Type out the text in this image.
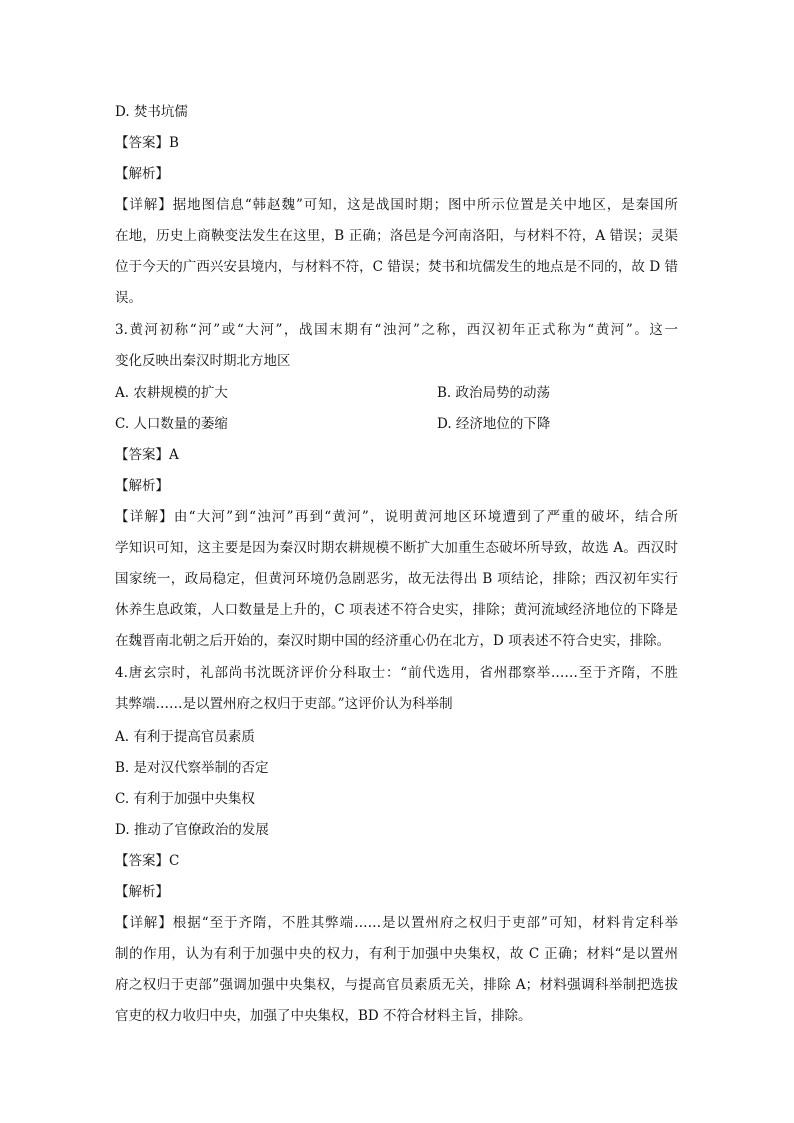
D. 焚书坑儒
【答案】B
【解析】
【详解】据地图信息“韩赵魏”可知，这是战国时期；图中所示位置是关中地区，是秦国所
在地，历史上商鞅变法发生在这里，B 正确；洛邑是今河南洛阳，与材料不符，A 错误；灵渠
位于今天的广西兴安县境内，与材料不符，C 错误；焚书和坑儒发生的地点是不同的，故 D 错
误。
3.黄河初称“河”或“大河”，战国末期有“浊河”之称，西汉初年正式称为“黄河”。这一
变化反映出秦汉时期北方地区
A. 农耕规模的扩大	B. 政治局势的动荡
C. 人口数量的萎缩	D. 经济地位的下降
【答案】A
【解析】
【详解】由“大河”到“浊河”再到“黄河”，说明黄河地区环境遭到了严重的破坏，结合所
学知识可知，这主要是因为秦汉时期农耕规模不断扩大加重生态破坏所导致，故选 A。西汉时
国家统一，政局稳定，但黄河环境仍急剧恶劣，故无法得出 B 项结论，排除；西汉初年实行
休养生息政策，人口数量是上升的，C 项表述不符合史实，排除；黄河流域经济地位的下降是
在魏晋南北朝之后开始的，秦汉时期中国的经济重心仍在北方，D 项表述不符合史实，排除。
4.唐玄宗时，礼部尚书沈既济评价分科取士：“前代选用，省州郡察举……至于齐隋，不胜
其弊端……是以置州府之权归于吏部。”这评价认为科举制
A. 有利于提高官员素质
B. 是对汉代察举制的否定
C. 有利于加强中央集权
D. 推动了官僚政治的发展
【答案】C
【解析】
【详解】根据“至于齐隋，不胜其弊端……是以置州府之权归于吏部”可知，材料肯定科举
制的作用，认为有利于加强中央的权力，有利于加强中央集权，故 C 正确；材料“是以置州
府之权归于吏部”强调加强中央集权，与提高官员素质无关，排除 A；材料强调科举制把选拔
官吏的权力收归中央，加强了中央集权，BD 不符合材料主旨，排除。
